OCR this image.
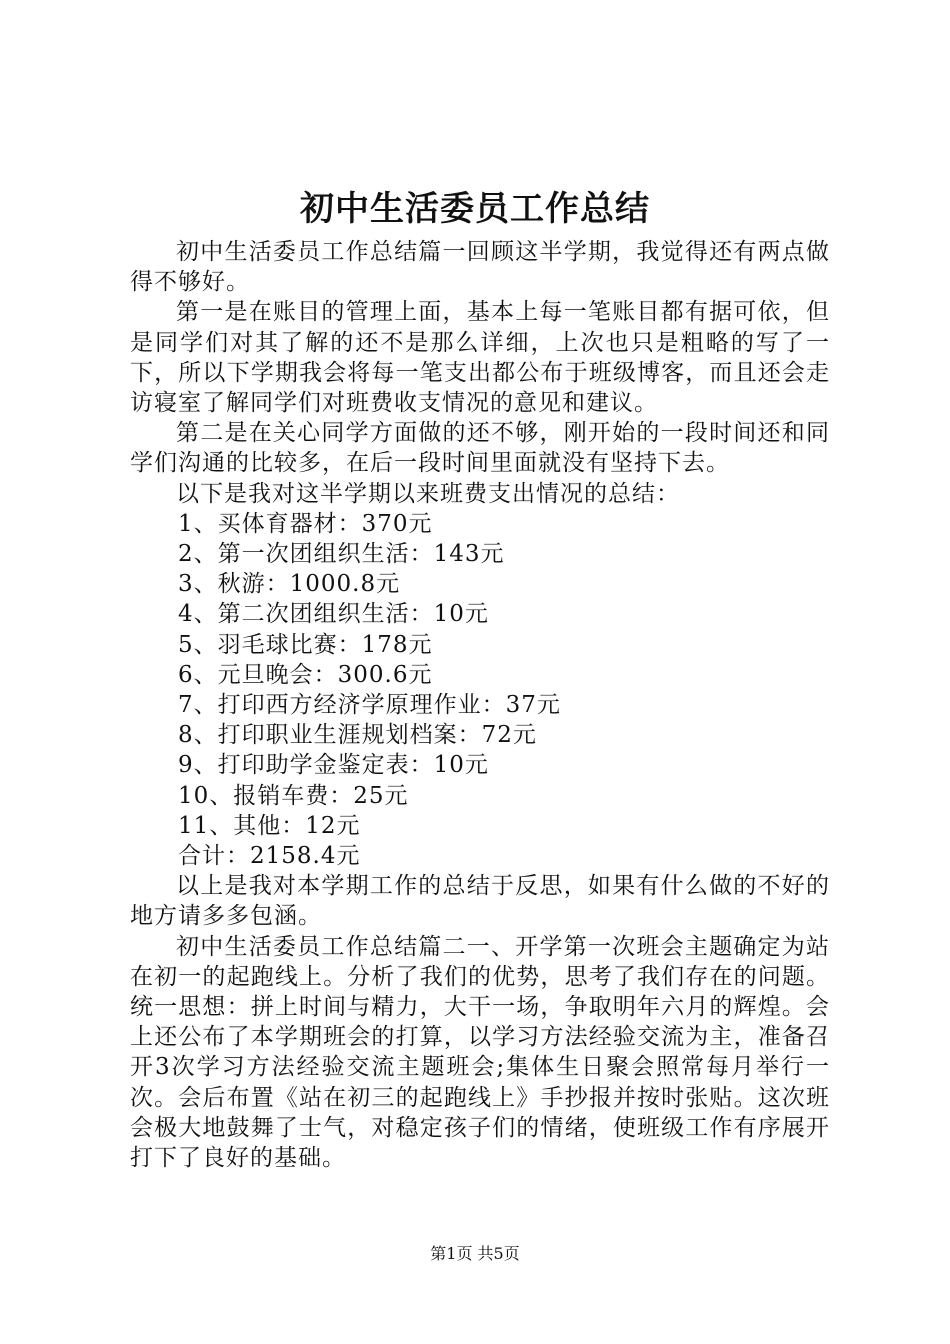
初中生活委员工作总结

初中生活委员工作总结篇一回顾这半学期，我觉得还有两点做得不够好。

第一是在账目的管理上面，基本上每一笔账目都有据可依，但是同学们对其了解的还不是那么详细，上次也只是粗略的写了一下，所以下学期我会将每一笔支出都公布于班级博客，而且还会走访寝室了解同学们对班费收支情况的意见和建议。

第二是在关心同学方面做的还不够，刚开始的一段时间还和同学们沟通的比较多，在后一段时间里面就没有坚持下去。

以下是我对这半学期以来班费支出情况的总结：

1、买体育器材：370元

2、第一次团组织生活：143元

3、秋游：1000.8元

4、第二次团组织生活：10元

5、羽毛球比赛：178元

6、元旦晚会：300.6元

7、打印西方经济学原理作业：37元

8、打印职业生涯规划档案：72元

9、打印助学金鉴定表：10元

10、报销车费：25元

11、其他：12元

合计：2158.4元

以上是我对本学期工作的总结于反思，如果有什么做的不好的地方请多多包涵。

初中生活委员工作总结篇二一、开学第一次班会主题确定为站在初一的起跑线上。分析了我们的优势，思考了我们存在的问题。统一思想：拼上时间与精力，大干一场，争取明年六月的辉煌。会上还公布了本学期班会的打算，以学习方法经验交流为主，准备召开3次学习方法经验交流主题班会;集体生日聚会照常每月举行一次。会后布置《站在初三的起跑线上》手抄报并按时张贴。这次班会极大地鼓舞了士气，对稳定孩子们的情绪，使班级工作有序展开打下了良好的基础。

第1页 共5页
